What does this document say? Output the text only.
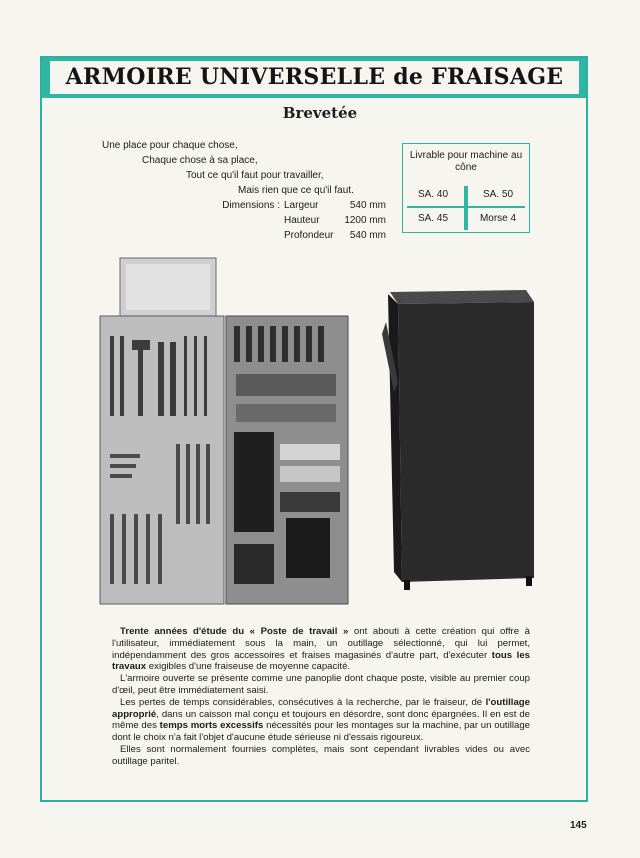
ARMOIRE UNIVERSELLE de FRAISAGE
Brevetée
Une place pour chaque chose,
Chaque chose à sa place,
Tout ce qu'il faut pour travailler,
Mais rien que ce qu'il faut.
Dimensions : Largeur	540 mm
Hauteur	1200 mm
Profondeur	540 mm
Livrable pour machine au cône
SA. 40	SA. 50
SA. 45	Morse 4

Trente années d'étude du « Poste de travail » ont abouti à cette création qui offre à l'utilisateur, immédiatement sous la main, un outillage sélectionné, qui lui permet, indépendamment des gros accessoires et fraises magasinés d'autre part, d'exécuter tous les travaux exigibles d'une fraiseuse de moyenne capacité.

L'armoire ouverte se présente comme une panoplie dont chaque poste, visible au premier coup d'œil, peut être immédiatement saisi.

Les pertes de temps considérables, consécutives à la recherche, par le fraiseur, de l'outillage approprié, dans un caisson mal conçu et toujours en désordre, sont donc épargnées. Il en est de même des temps morts excessifs nécessités pour les montages sur la machine, par un outillage dont le choix n'a fait l'objet d'aucune étude sérieuse ni d'essais rigoureux.

Elles sont normalement fournies complètes, mais sont cependant livrables vides ou avec outillage paritel.

145
